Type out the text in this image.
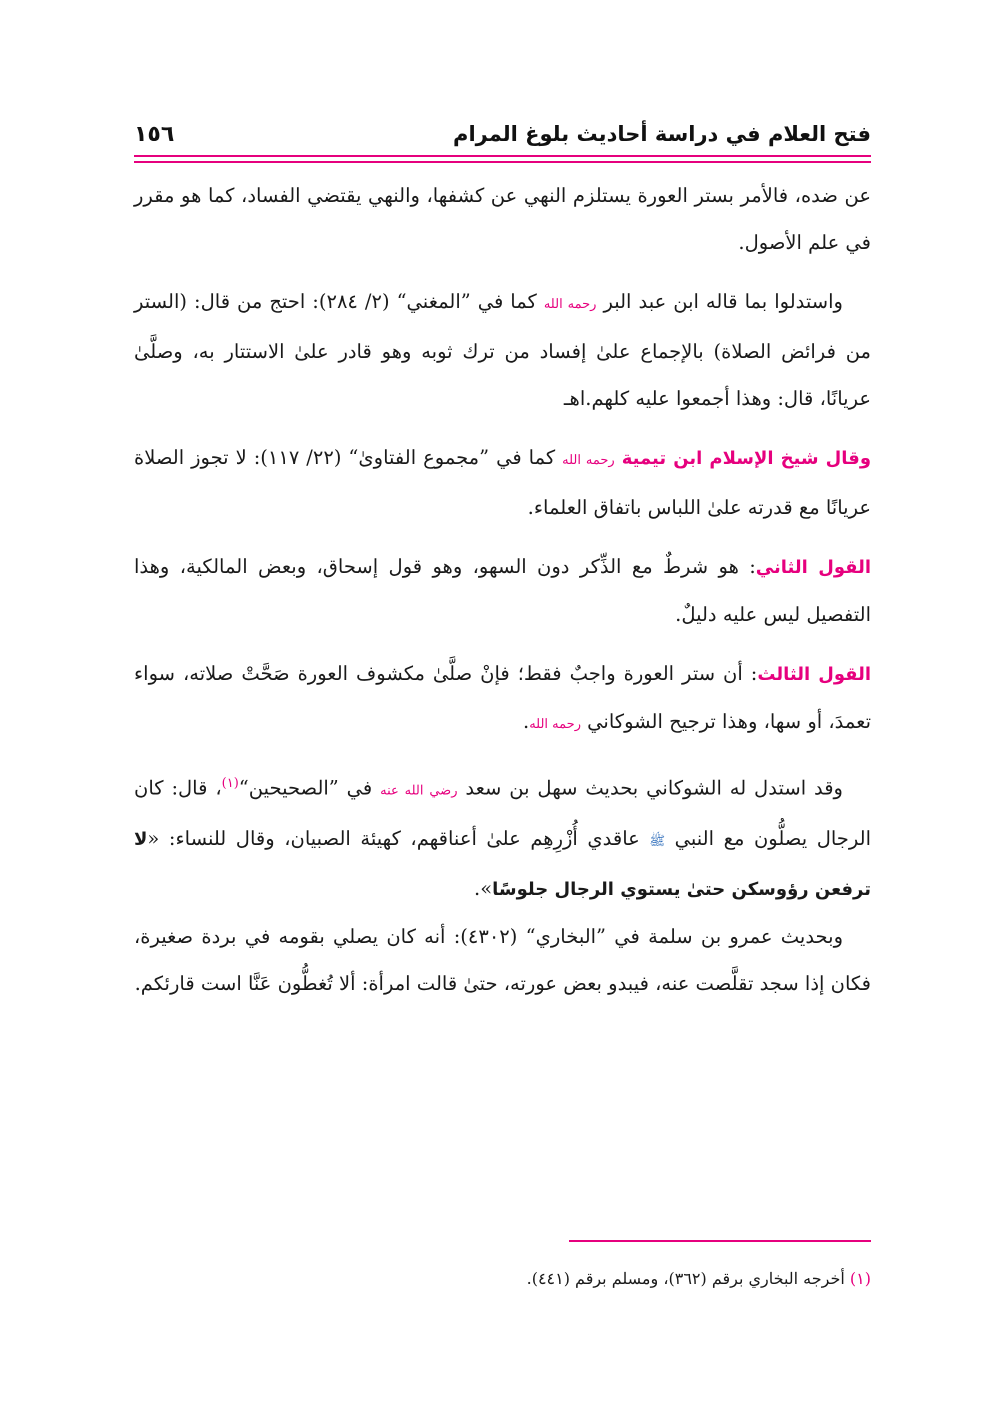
فتح العلام في دراسة أحاديث بلوغ المرام
١٥٦

عن ضده، فالأمر بستر العورة يستلزم النهي عن كشفها، والنهي يقتضي الفساد، كما هو مقرر في علم الأصول.

واستدلوا بما قاله ابن عبد البر رحمه الله كما في ”المغني“ (٢/ ٢٨٤): احتج من قال: (الستر من فرائض الصلاة) بالإجماع علىٰ إفساد من ترك ثوبه وهو قادر علىٰ الاستتار به، وصلَّىٰ عريانًا، قال: وهذا أجمعوا عليه كلهم.اهـ

وقال شيخ الإسلام ابن تيمية رحمه الله كما في ”مجموع الفتاوىٰ“ (٢٢/ ١١٧): لا تجوز الصلاة عريانًا مع قدرته علىٰ اللباس باتفاق العلماء.

القول الثاني: هو شرطٌ مع الذِّكر دون السهو، وهو قول إسحاق، وبعض المالكية، وهذا التفصيل ليس عليه دليلٌ.

القول الثالث: أن ستر العورة واجبٌ فقط؛ فإنْ صلَّىٰ مكشوف العورة صَحَّتْ صلاته، سواء تعمدَ، أو سها، وهذا ترجيح الشوكاني رحمه الله.

وقد استدل له الشوكاني بحديث سهل بن سعد رضي الله عنه في ”الصحيحين“$^{(١)}$، قال: كان الرجال يصلُّون مع النبي ﷺ عاقدي أُزْرِهِم علىٰ أعناقهم، كهيئة الصبيان، وقال للنساء: «لا ترفعن رؤوسكن حتىٰ يستوي الرجال جلوسًا».

وبحديث عمرو بن سلمة في ”البخاري“ (٤٣٠٢): أنه كان يصلي بقومه في بردة صغيرة، فكان إذا سجد تقلَّصت عنه، فيبدو بعض عورته، حتىٰ قالت امرأة: ألا تُغطُّون عَنَّا است قارئكم.

(١) أخرجه البخاري برقم (٣٦٢)، ومسلم برقم (٤٤١).
